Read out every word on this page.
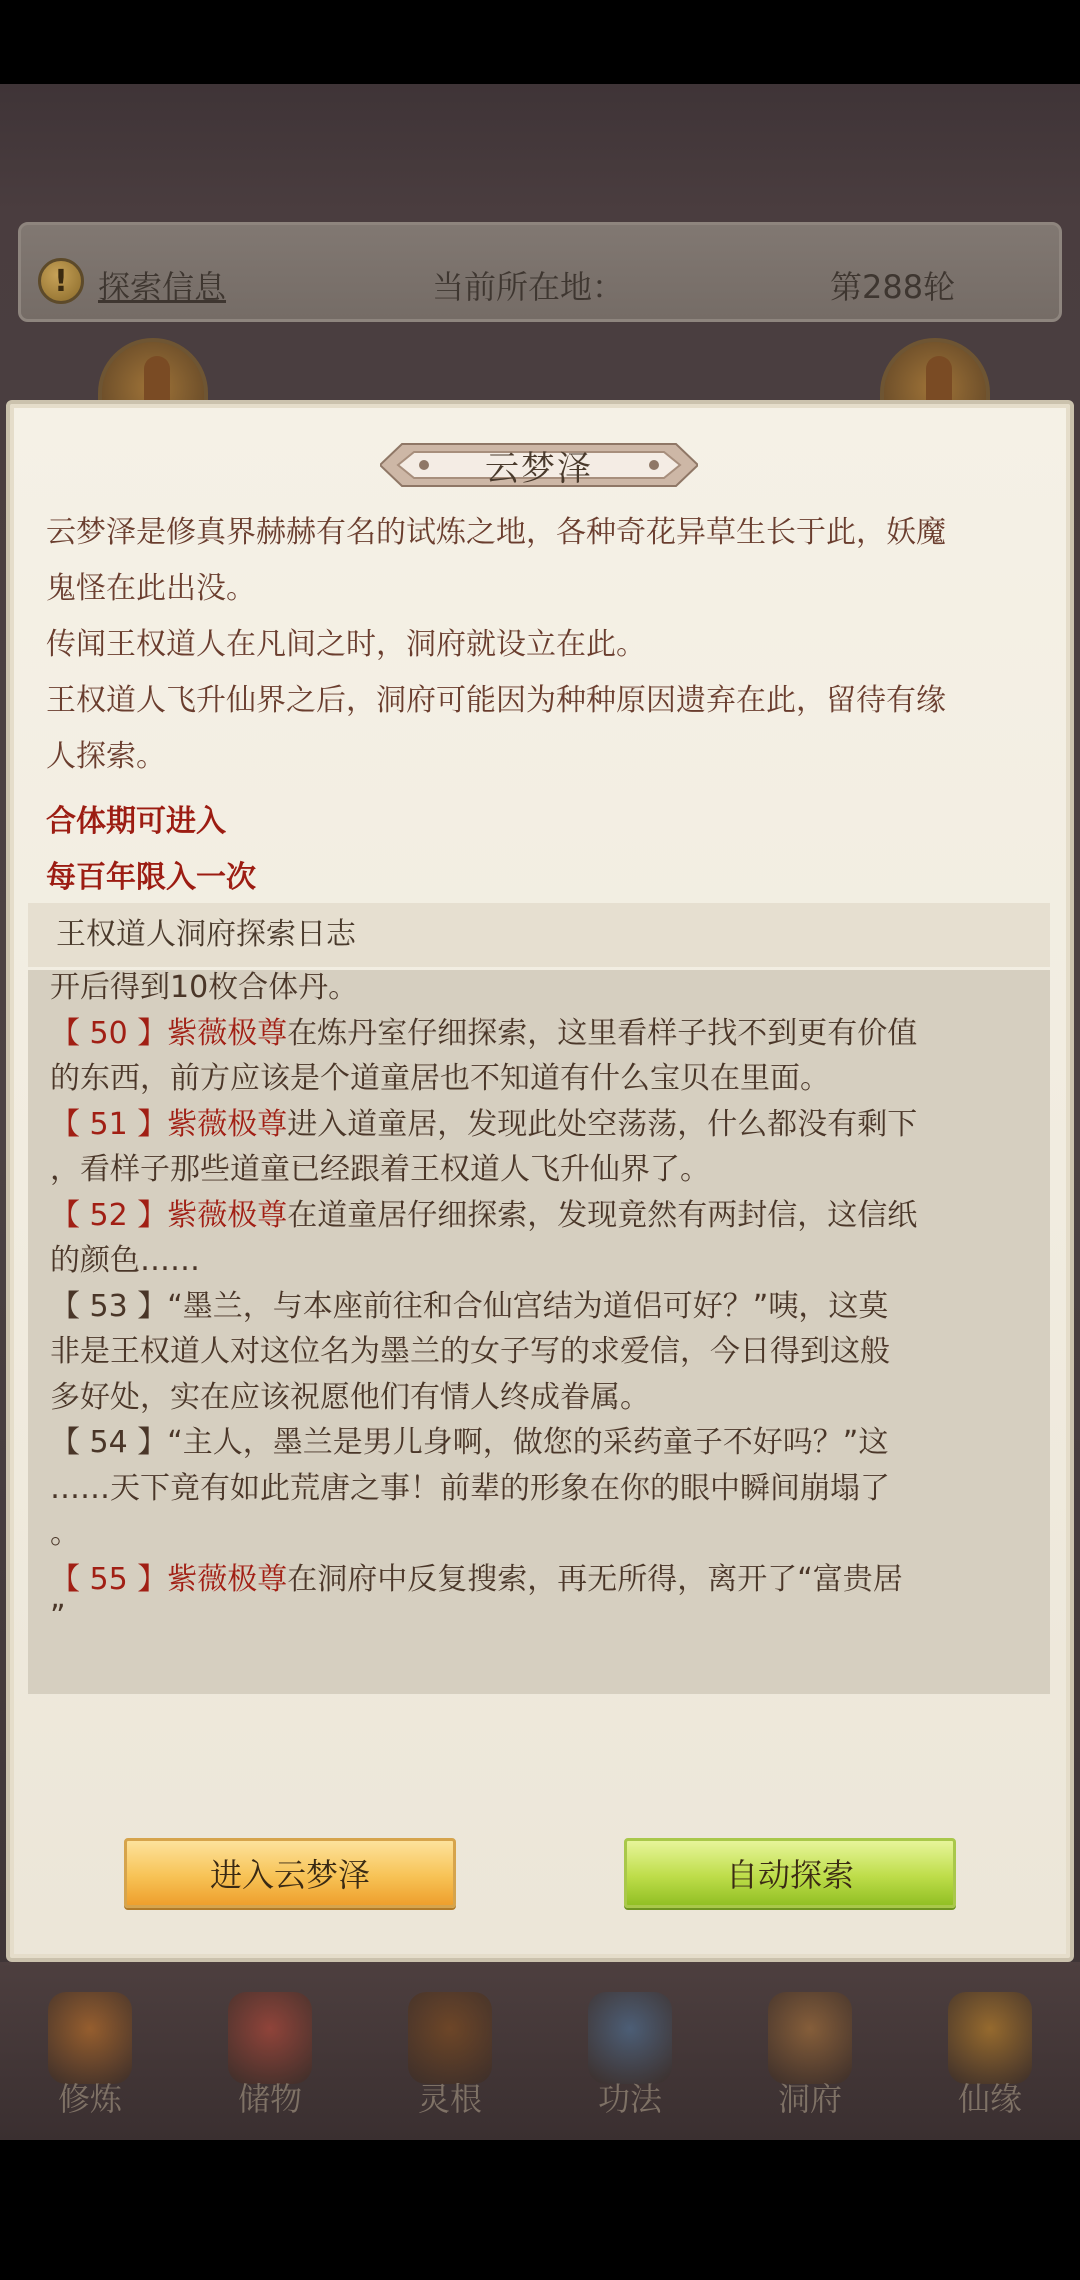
! 探索信息	当前所在地：	第288轮
云梦泽
云梦泽是修真界赫赫有名的试炼之地，各种奇花异草生长于此，妖魔
鬼怪在此出没。
传闻王权道人在凡间之时，洞府就设立在此。
王权道人飞升仙界之后，洞府可能因为种种原因遗弃在此，留待有缘
人探索。
合体期可进入
每百年限入一次
王权道人洞府探索日志
开后得到10枚合体丹。
【 50 】紫薇极尊在炼丹室仔细探索，这里看样子找不到更有价值
的东西，前方应该是个道童居也不知道有什么宝贝在里面。
【 51 】紫薇极尊进入道童居，发现此处空荡荡，什么都没有剩下
，看样子那些道童已经跟着王权道人飞升仙界了。
【 52 】紫薇极尊在道童居仔细探索，发现竟然有两封信，这信纸
的颜色……
【 53 】“墨兰，与本座前往和合仙宫结为道侣可好？”咦，这莫
非是王权道人对这位名为墨兰的女子写的求爱信，今日得到这般
多好处，实在应该祝愿他们有情人终成眷属。
【 54 】“主人，墨兰是男儿身啊，做您的采药童子不好吗？”这
……天下竟有如此荒唐之事！前辈的形象在你的眼中瞬间崩塌了
。
【 55 】紫薇极尊在洞府中反复搜索，再无所得，离开了“富贵居
”
进入云梦泽	自动探索
修炼	储物	灵根	功法	洞府	仙缘
